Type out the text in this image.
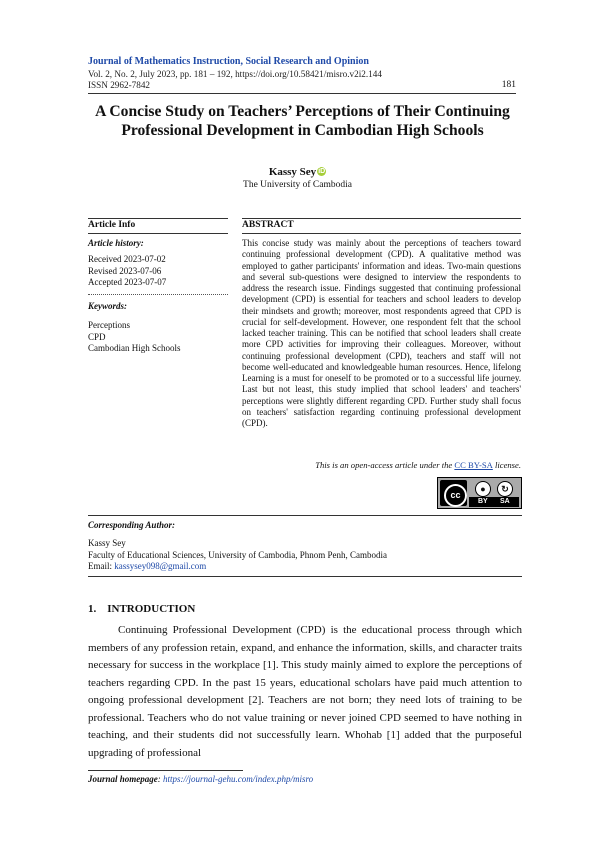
Journal of Mathematics Instruction, Social Research and Opinion
Vol. 2, No. 2, July 2023, pp. 181 – 192, https://doi.org/10.58421/misro.v2i2.144
ISSN 2962-7842	181
A Concise Study on Teachers’ Perceptions of Their Continuing Professional Development in Cambodian High Schools
Kassy Sey iD
The University of Cambodia
Article Info
Article history:
Received 2023-07-02
Revised 2023-07-06
Accepted 2023-07-07
Keywords:
Perceptions
CPD
Cambodian High Schools
ABSTRACT
This concise study was mainly about the perceptions of teachers toward continuing professional development (CPD). A qualitative method was employed to gather participants' information and ideas. Two-main questions and several sub-questions were designed to interview the respondents to address the research issue. Findings suggested that continuing professional development (CPD) is essential for teachers and school leaders to develop their mindsets and growth; moreover, most respondents agreed that CPD is crucial for self-development. However, one respondent felt that the school lacked teacher training. This can be notified that school leaders shall create more CPD activities for improving their colleagues. Moreover, without continuing professional development (CPD), teachers and staff will not become well-educated and knowledgeable human resources. Hence, lifelong Learning is a must for oneself to be promoted or to a successful life journey. Last but not least, this study implied that school leaders' and teachers' perceptions were slightly different regarding CPD. Further study shall focus on teachers' satisfaction regarding continuing professional development (CPD).
This is an open-access article under the CC BY-SA license.
cc
●	↻
BY SA
Corresponding Author:
Kassy Sey
Faculty of Educational Sciences, University of Cambodia, Phnom Penh, Cambodia
Email: kassysey098@gmail.com
1.    INTRODUCTION
Continuing Professional Development (CPD) is the educational process through which members of any profession retain, expand, and enhance the information, skills, and character traits necessary for success in the workplace [1]. This study mainly aimed to explore the perceptions of teachers regarding CPD. In the past 15 years, educational scholars have paid much attention to ongoing professional development [2]. Teachers are not born; they need lots of training to be professional. Teachers who do not value training or never joined CPD seemed to have nothing in teaching, and their students did not successfully learn. Whohab [1] added that the purposeful upgrading of professional
Journal homepage: https://journal-gehu.com/index.php/misro
